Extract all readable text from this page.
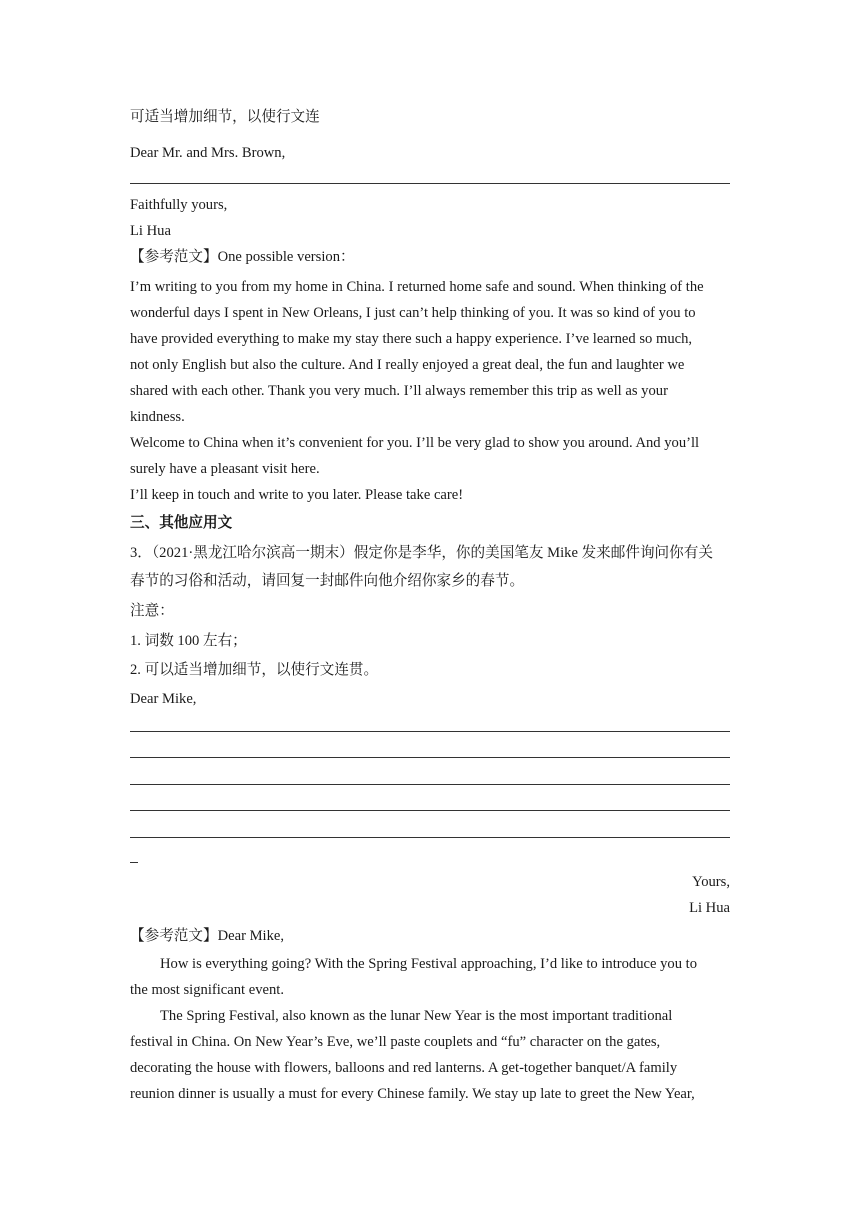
可适当增加细节，以使行文连
Dear Mr. and Mrs. Brown,
Faithfully yours,
Li Hua
【参考范文】One possible version：
I’m writing to you from my home in China. I returned home safe and sound. When thinking of the
wonderful days I spent in New Orleans, I just can’t help thinking of you. It was so kind of you to
have provided everything to make my stay there such a happy experience. I’ve learned so much,
not only English but also the culture. And I really enjoyed a great deal, the fun and laughter we
shared with each other. Thank you very much. I’ll always remember this trip as well as your
kindness.
Welcome to China when it’s convenient for you. I’ll be very glad to show you around. And you’ll
surely have a pleasant visit here.
I’ll keep in touch and write to you later. Please take care!
三、其他应用文
3．（2021·黑龙江哈尔滨高一期末）假定你是李华，你的美国笔友 Mike 发来邮件询问你有关
春节的习俗和活动，请回复一封邮件向他介绍你家乡的春节。
注意：
1. 词数 100 左右；
2. 可以适当增加细节，以使行文连贯。
Dear Mike,
Yours,
Li Hua
【参考范文】Dear Mike,
How is everything going? With the Spring Festival approaching, I’d like to introduce you to
the most significant event.
The Spring Festival, also known as the lunar New Year is the most important traditional
festival in China. On New Year’s Eve, we’ll paste couplets and “fu” character on the gates,
decorating the house with flowers, balloons and red lanterns. A get-together banquet/A family
reunion dinner is usually a must for every Chinese family. We stay up late to greet the New Year,
